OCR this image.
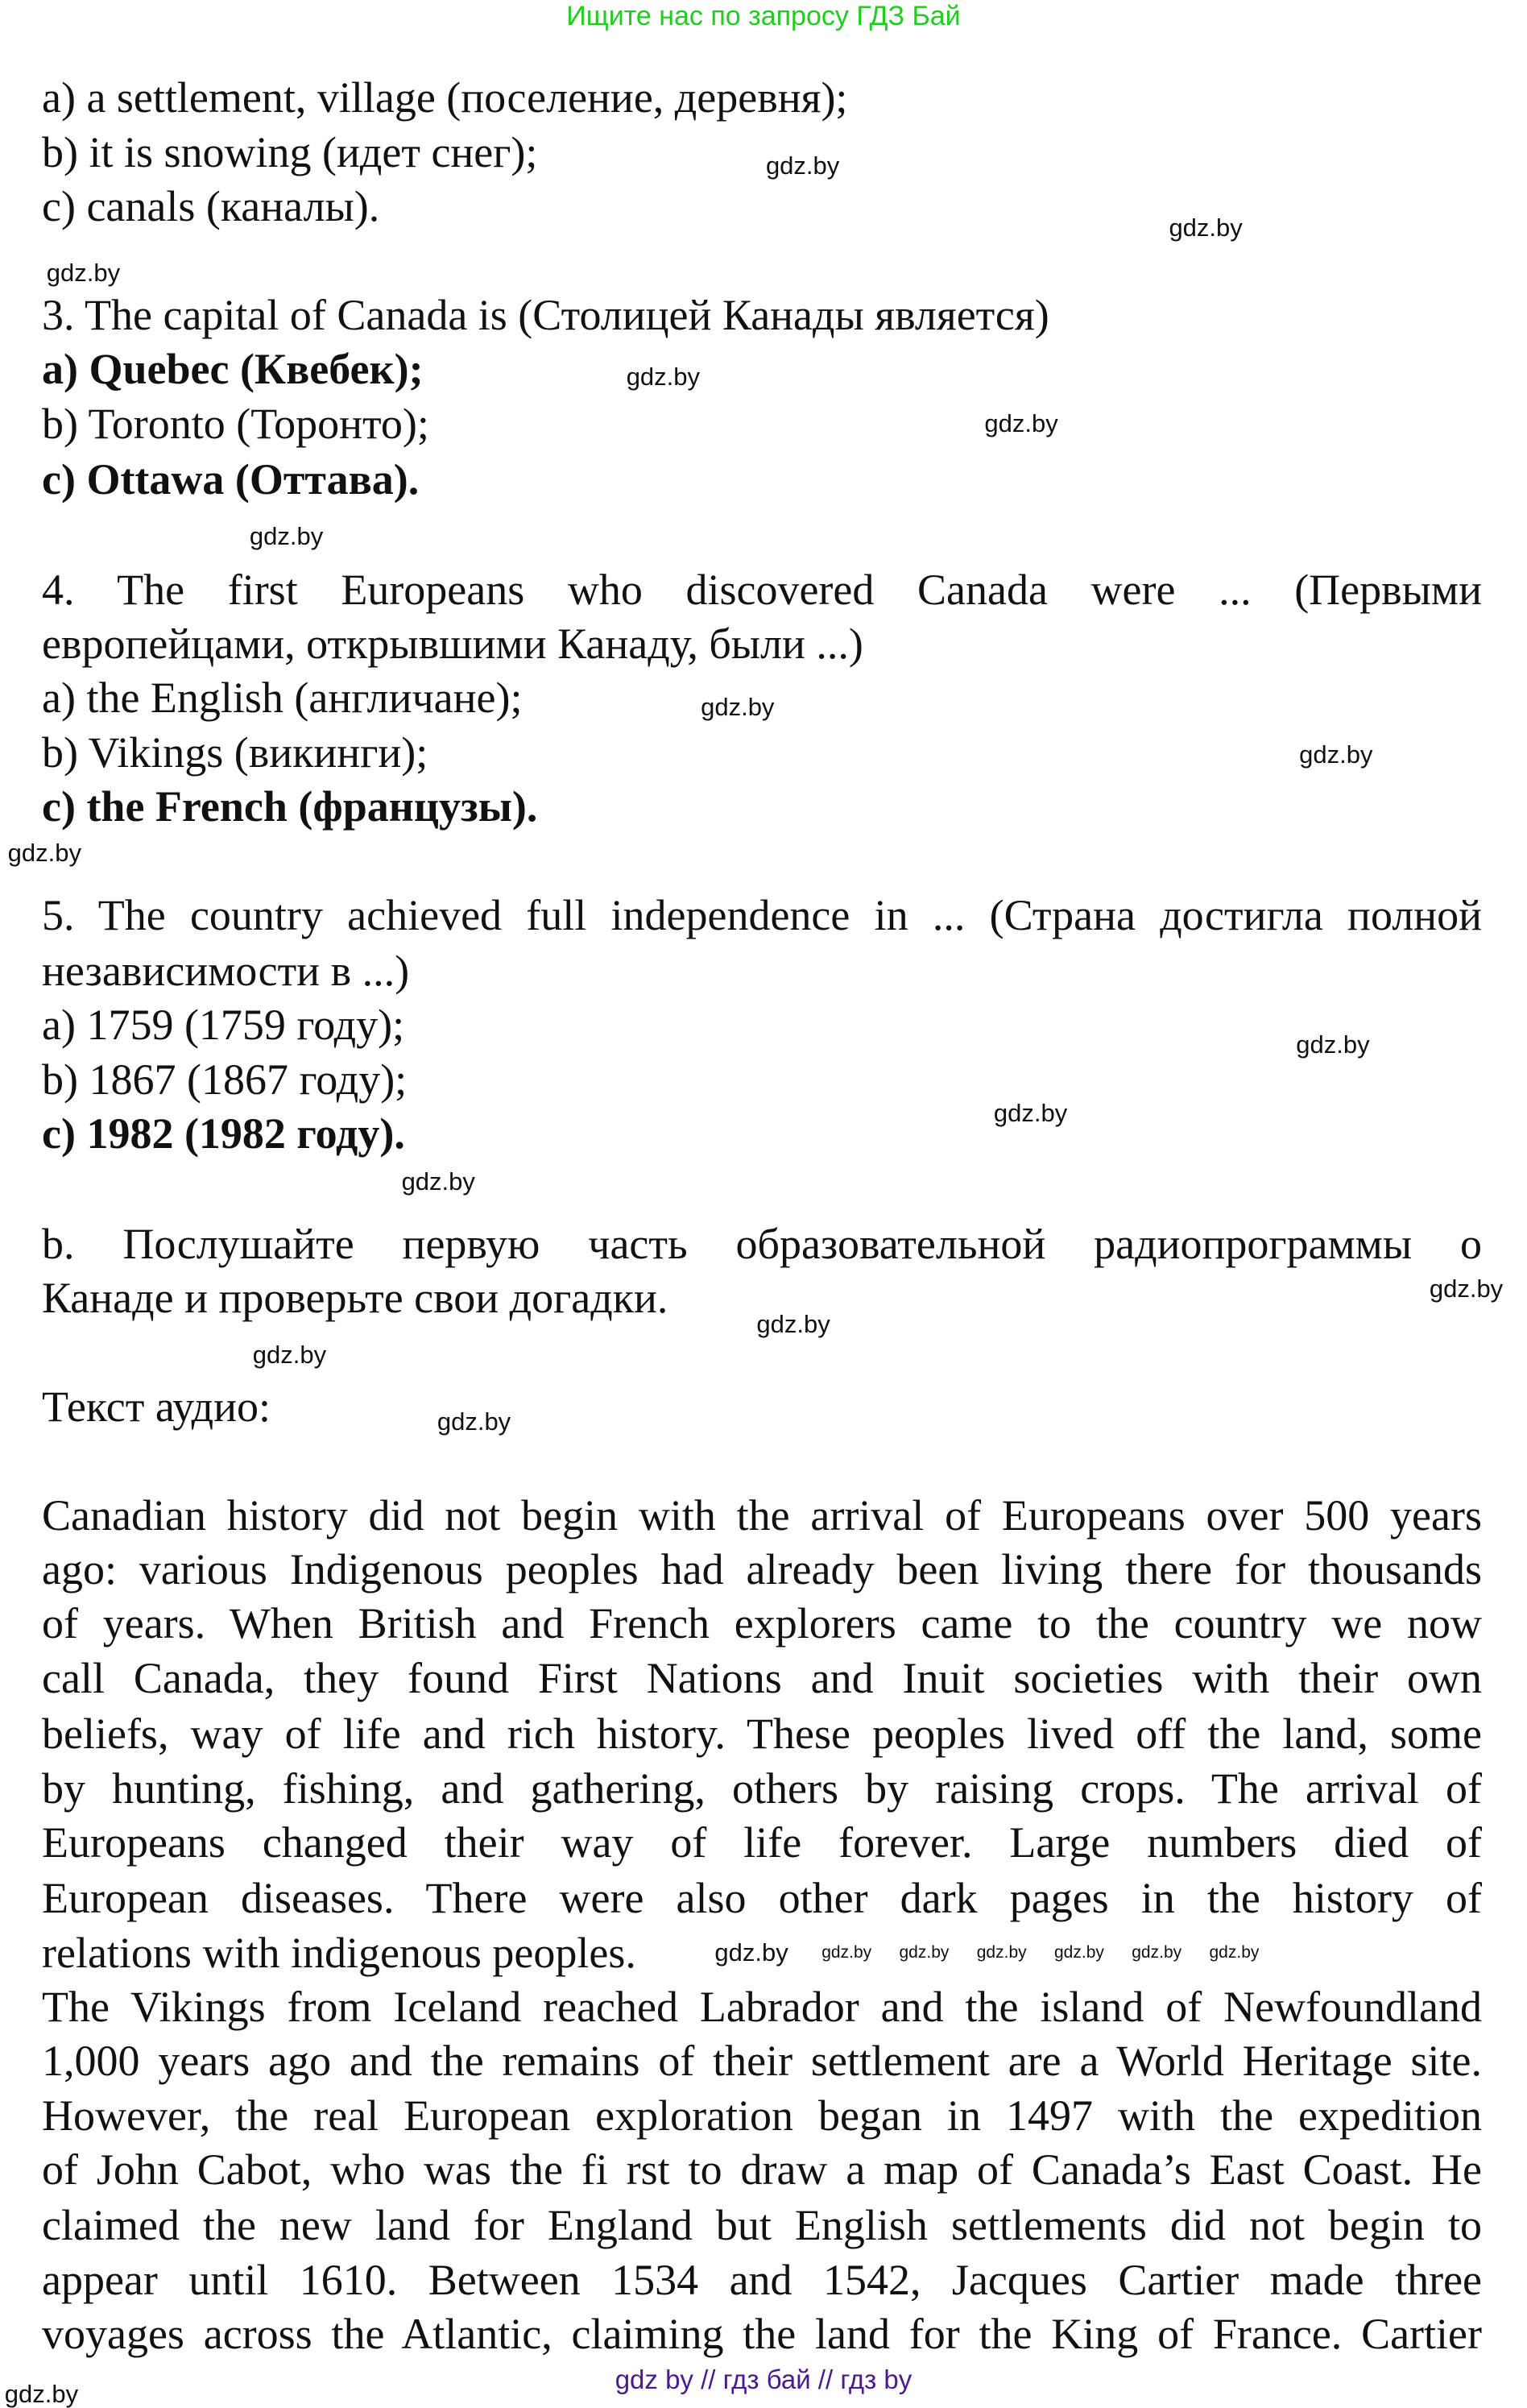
Ищите нас по запросу ГДЗ Бай
a) a settlement, village (поселение, деревня);
b) it is snowing (идет снег);
c) canals (каналы).
3. The capital of Canada is (Столицей Канады является)
a) Quebec (Квебек);
b) Toronto (Торонто);
c) Ottawa (Оттава).
4. The first Europeans who discovered Canada were ... (Первыми
европейцами, открывшими Канаду, были ...)
a) the English (англичане);
b) Vikings (викинги);
c) the French (французы).
5. The country achieved full independence in ... (Страна достигла полной
независимости в ...)
a) 1759 (1759 году);
b) 1867 (1867 году);
c) 1982 (1982 году).
b. Послушайте первую часть образовательной радиопрограммы о
Канаде и проверьте свои догадки.
Текст аудио:
Canadian history did not begin with the arrival of Europeans over 500 years
ago: various Indigenous peoples had already been living there for thousands
of years. When British and French explorers came to the country we now
call Canada, they found First Nations and Inuit societies with their own
beliefs, way of life and rich history. These peoples lived off the land, some
by hunting, fishing, and gathering, others by raising crops. The arrival of
Europeans changed their way of life forever. Large numbers died of
European diseases. There were also other dark pages in the history of
relations with indigenous peoples.
The Vikings from Iceland reached Labrador and the island of Newfoundland
1,000 years ago and the remains of their settlement are a World Heritage site.
However, the real European exploration began in 1497 with the expedition
of John Cabot, who was the fi rst to draw a map of Canada’s East Coast. He
claimed the new land for England but English settlements did not begin to
appear until 1610. Between 1534 and 1542, Jacques Cartier made three
voyages across the Atlantic, claiming the land for the King of France. Cartier
gdz.by
gdz.by
gdz.by
gdz.by
gdz.by
gdz.by
gdz.by
gdz.by
gdz.by
gdz.by
gdz.by
gdz.by
gdz.by
gdz.by
gdz.by
gdz.by
gdz.by gdz.by gdz.by
gdz.by	gdz.by gdz.by gdz.by
gdz.by	gdz by // гдз бай // гдз by
